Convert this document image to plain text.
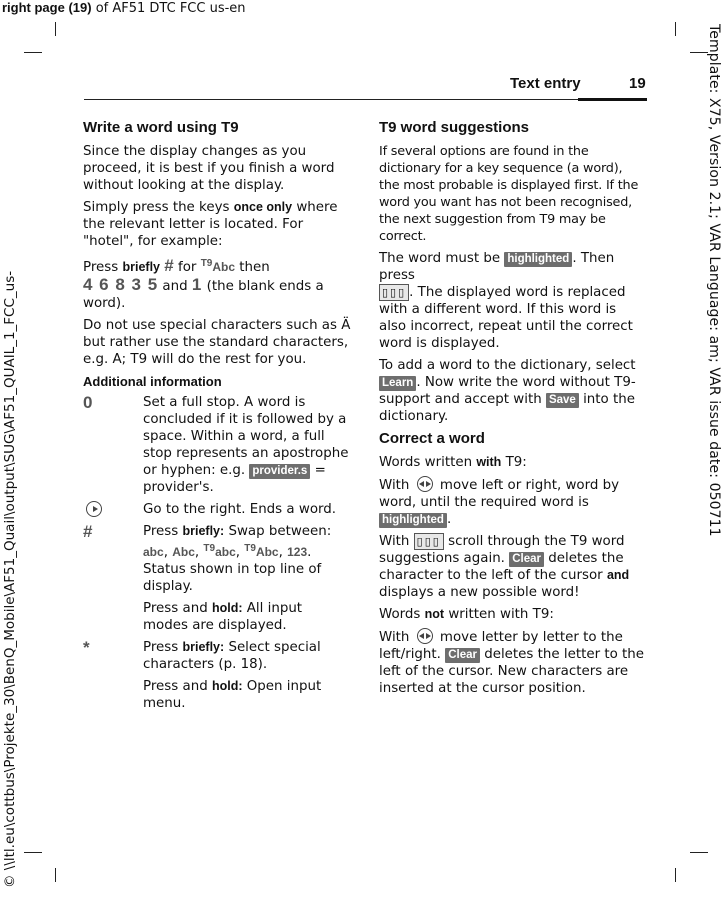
right page (19) of AF51 DTC FCC us-en
Template: X75, Version 2.1; VAR Language: am; VAR issue date: 050711
© \\ltl.eu\cottbus\Projekte_30\BenQ_Mobile\AF51_Quail\output\SUG\AF51_QUAIL_1_FCC_us-
Text entry	19
Write a word using T9

Since the display changes as you proceed, it is best if you finish a word without looking at the display.

Simply press the keys once only where the relevant letter is located. For "hotel", for example:

Press briefly # for $^{T9}$Abc then
4 6 8 3 5 and 1 (the blank ends a word).

Do not use special characters such as Ä but rather use the standard characters, e.g. A; T9 will do the rest for you.

Additional information
0	Set a full stop. A word is concluded if it is followed by a space. Within a word, a full stop represents an apostrophe or hyphen: e.g. provider.s = provider's.

Go to the right. Ends a word.

#	Press briefly: Swap between:
abc, Abc, $^{T9}$abc, $^{T9}$Abc, 123. Status shown in top line of display.

Press and hold: All input modes are displayed.

*	Press briefly: Select special characters (p. 18).

Press and hold: Open input menu.

T9 word suggestions

If several options are found in the dictionary for a key sequence (a word), the most probable is displayed first. If the word you want has not been recognised, the next suggestion from T9 may be correct.

The word must be highlighted . Then press
▯▯▯ . The displayed word is replaced with a different word. If this word is also incorrect, repeat until the correct word is displayed.

To add a word to the dictionary, select Learn . Now write the word without T9-support and accept with Save into the dictionary.

Correct a word

Words written with T9:

With  move left or right, word by word, until the required word is highlighted .

With ▯▯▯ scroll through the T9 word suggestions again. Clear deletes the character to the left of the cursor and displays a new possible word!

Words not written with T9:

With  move letter by letter to the left/right. Clear deletes the letter to the left of the cursor. New characters are inserted at the cursor position.
